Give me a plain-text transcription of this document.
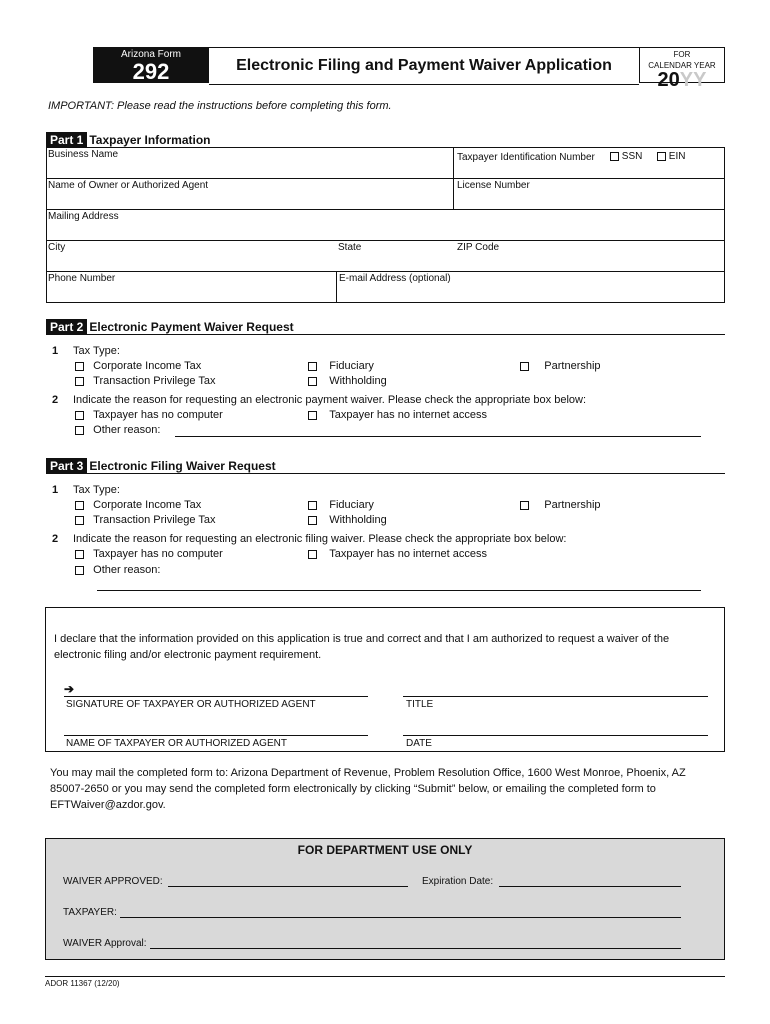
Arizona Form
292	Electronic Filing and Payment Waiver Application
FOR
CALENDAR YEAR
20YY
IMPORTANT: Please read the instructions before completing this form.
Part 1 Taxpayer Information
Business Name	Taxpayer Identification Number	SSN	EIN
Name of Owner or Authorized Agent	License Number
Mailing Address
City	State	ZIP Code
Phone Number	E-mail Address (optional)
Part 2 Electronic Payment Waiver Request
1 Tax Type:
Corporate Income Tax	Fiduciary	Partnership
Transaction Privilege Tax	Withholding
2 Indicate the reason for requesting an electronic payment waiver. Please check the appropriate box below:
Taxpayer has no computer	Taxpayer has no internet access
Other reason:
Part 3 Electronic Filing Waiver Request
1 Tax Type:
Corporate Income Tax	Fiduciary	Partnership
Transaction Privilege Tax	Withholding
2 Indicate the reason for requesting an electronic filing waiver. Please check the appropriate box below:
Taxpayer has no computer	Taxpayer has no internet access
Other reason:
I declare that the information provided on this application is true and correct and that I am authorized to request a waiver of the electronic filing and/or electronic payment requirement.
➔
SIGNATURE OF TAXPAYER OR AUTHORIZED AGENT	TITLE
NAME OF TAXPAYER OR AUTHORIZED AGENT	DATE
You may mail the completed form to: Arizona Department of Revenue, Problem Resolution Office, 1600 West Monroe, Phoenix, AZ 85007-2650 or you may send the completed form electronically by clicking “Submit” below, or emailing the completed form to EFTWaiver@azdor.gov.
FOR DEPARTMENT USE ONLY
WAIVER APPROVED:	Expiration Date:
TAXPAYER:
WAIVER Approval:
ADOR 11367 (12/20)
